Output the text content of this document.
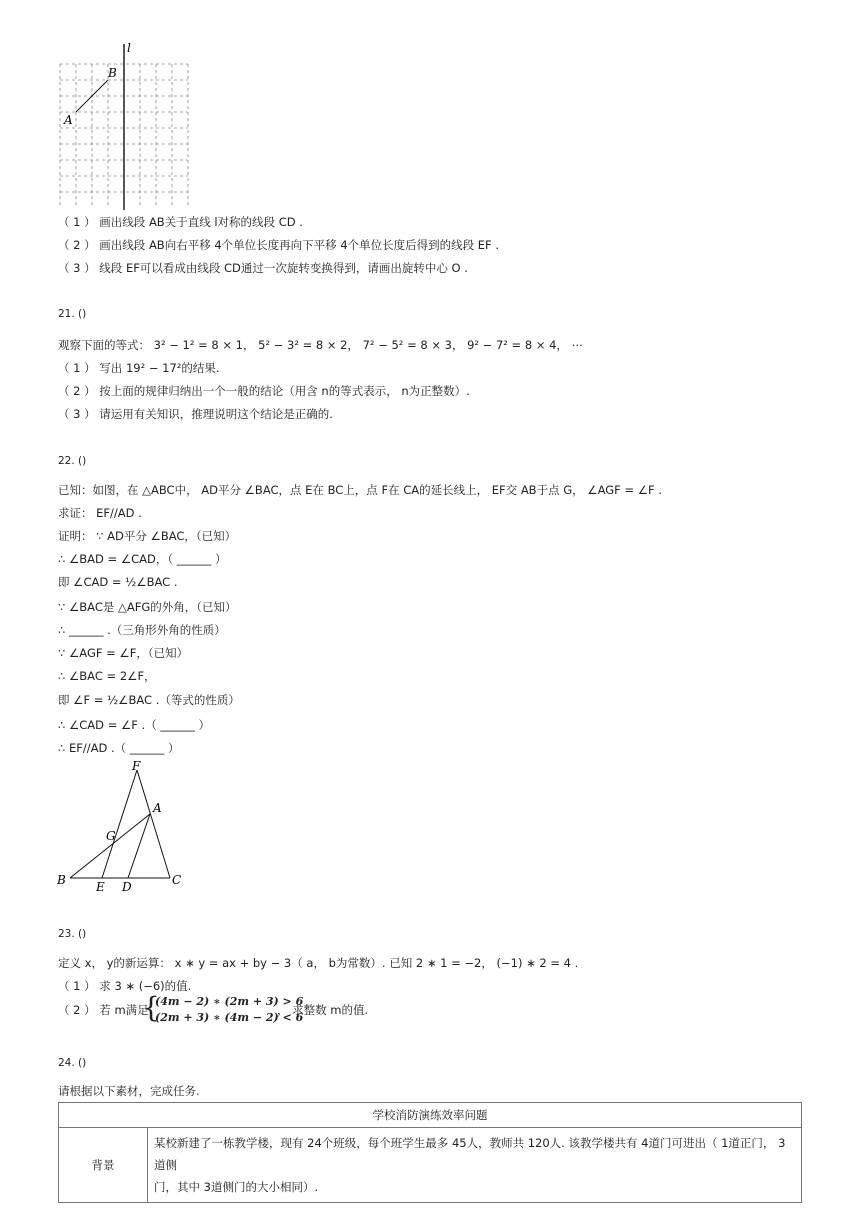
l
B
A
（ 1 ） 画出线段 AB关于直线 l对称的线段 CD .
（ 2 ） 画出线段 AB向右平移 4个单位长度再向下平移 4个单位长度后得到的线段 EF .
（ 3 ） 线段 EF可以看成由线段 CD通过一次旋转变换得到，请画出旋转中心 O .
21. ()
观察下面的等式： 3² − 1² = 8 × 1， 5² − 3² = 8 × 2， 7² − 5² = 8 × 3， 9² − 7² = 8 × 4， ⋯
（ 1 ） 写出 19² − 17²的结果.
（ 2 ） 按上面的规律归纳出一个一般的结论（用含 n的等式表示， n为正整数）.
（ 3 ） 请运用有关知识，推理说明这个结论是正确的.
22. ()
已知：如图，在 △ABC中， AD平分 ∠BAC，点 E在 BC上，点 F在 CA的延长线上， EF交 AB于点 G， ∠AGF = ∠F .
求证： EF//AD .
证明： ∵ AD平分 ∠BAC，（已知）
∴ ∠BAD = ∠CAD，（ ______ ）
即 ∠CAD = ½∠BAC .
∵ ∠BAC是 △AFG的外角，（已知）
∴ ______ .（三角形外角的性质）
∵ ∠AGF = ∠F，（已知）
∴ ∠BAC = 2∠F，
即 ∠F = ½∠BAC .（等式的性质）
∴ ∠CAD = ∠F .（ ______ ）
∴ EF//AD .（ ______ ）
F
A
G
B	E D	C
23. ()
定义 x， y的新运算： x ∗ y = ax + by − 3（ a， b为常数）. 已知 2 ∗ 1 = −2， (−1) ∗ 2 = 4 .
（ 1 ） 求 3 ∗ (−6)的值.
（ 2 ） 若 m满足
{
(4m − 2) ∗ (2m + 3) > 6
(2m + 3) ∗ (4m − 2) < 6
， 求整数 m的值.
24. ()
请根据以下素材，完成任务.
学校消防演练效率问题
背景	
某校新建了一栋教学楼，现有 24个班级，每个班学生最多 45人，教师共 120人. 该教学楼共有 4道门可进出（ 1道正门， 3道侧
门，其中 3道侧门的大小相同）.
